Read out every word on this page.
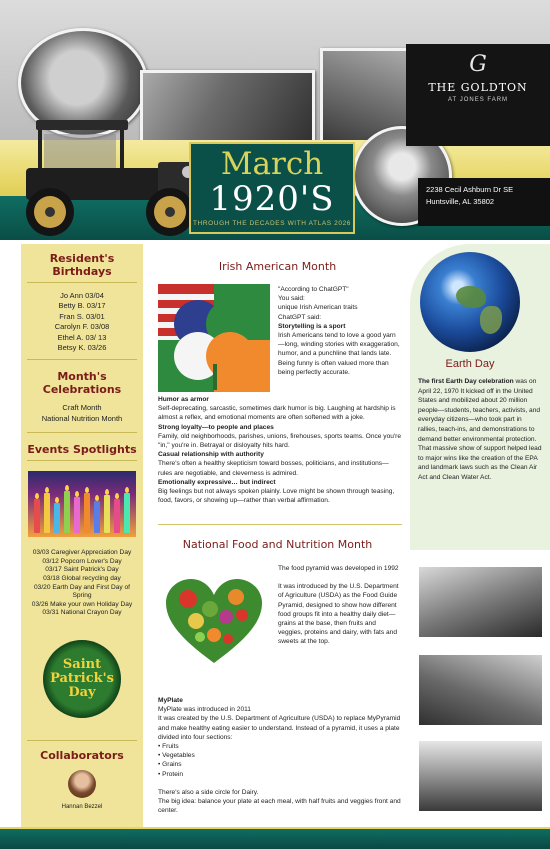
March
1920'S
THROUGH THE DECADES WITH ATLAS 2026
G
THE GOLDTON
AT JONES FARM
2238 Cecil Ashburn Dr SE
Huntsville, AL 35802
Resident's Birthdays
Jo Ann 03/04
Betty B. 03/17
Fran S. 03/01
Carolyn F. 03/08
Ethel A. 03/ 13
Betsy K. 03/26
Month's Celebrations
Craft Month
National Nutrition Month
Events Spotlights
03/03 Caregiver Appreciation Day
03/12 Popcorn Lover's Day
03/17 Saint Patrick's Day
03/18 Global recycling day
03/20 Earth Day and First Day of
Spring
03/26 Make your own Holiday Day
03/31 National Crayon Day
Saint
Patrick's
Day
Collaborators
Hannan Bezzel
Irish American Month
"According to ChatGPT"
You said:
unique Irish American traits
ChatGPT said:
Storytelling is a sport
Irish Americans tend to love a good yarn—long, winding stories with exaggeration, humor, and a punchline that lands late. Being funny is often valued more than being perfectly accurate.
Humor as armor
Self-deprecating, sarcastic, sometimes dark humor is big. Laughing at hardship is almost a reflex, and emotional moments are often softened with a joke.
Strong loyalty—to people and places
Family, old neighborhoods, parishes, unions, firehouses, sports teams. Once you're "in," you're in. Betrayal or disloyalty hits hard.
Casual relationship with authority
There's often a healthy skepticism toward bosses, politicians, and institutions—rules are negotiable, and cleverness is admired.
Emotionally expressive… but indirect
Big feelings but not always spoken plainly. Love might be shown through teasing, food, favors, or showing up—rather than verbal affirmation.
National Food and Nutrition Month
The food pyramid was developed in 1992
It was introduced by the U.S. Department of Agriculture (USDA) as the Food Guide Pyramid, designed to show how different food groups fit into a healthy daily diet—grains at the base, then fruits and veggies, proteins and dairy, with fats and sweets at the top.
MyPlate
MyPlate was introduced in 2011
It was created by the U.S. Department of Agriculture (USDA) to replace MyPyramid and make healthy eating easier to understand. Instead of a pyramid, it uses a plate divided into four sections:
• Fruits
• Vegetables
• Grains
• Protein
There's also a side circle for Dairy.
The big idea: balance your plate at each meal, with half fruits and veggies front and center.
Earth Day
The first Earth Day celebration was on April 22, 1970 It kicked off in the United States and mobilized about 20 million people—students, teachers, activists, and everyday citizens—who took part in rallies, teach-ins, and demonstrations to demand better environmental protection. That massive show of support helped lead to major wins like the creation of the EPA and landmark laws such as the Clean Air Act and Clean Water Act.
